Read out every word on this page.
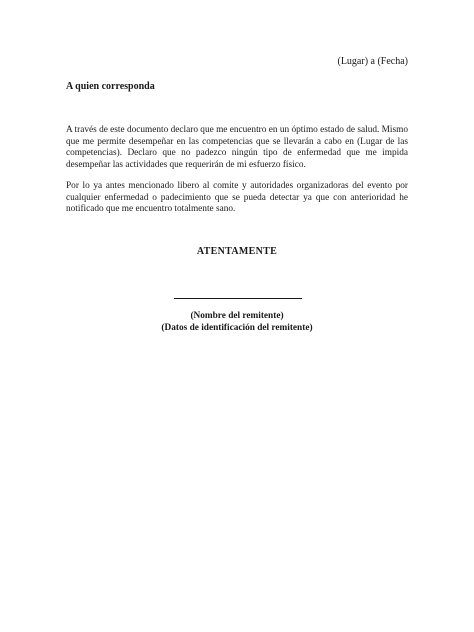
(Lugar) a (Fecha)
A quien corresponda

A través de este documento declaro que me encuentro en un óptimo estado de salud. Mismo que me permite desempeñar en las competencias que se llevarán a cabo en (Lugar de las competencias). Declaro que no padezco ningún tipo de enfermedad que me impida desempeñar las actividades que requerirán de mi esfuerzo físico.

Por lo ya antes mencionado libero al comite y autoridades organizadoras del evento por cualquier enfermedad o padecimiento que se pueda detectar ya que con anterioridad he notificado que me encuentro totalmente sano.

ATENTAMENTE
(Nombre del remitente)
(Datos de identificación del remitente)
